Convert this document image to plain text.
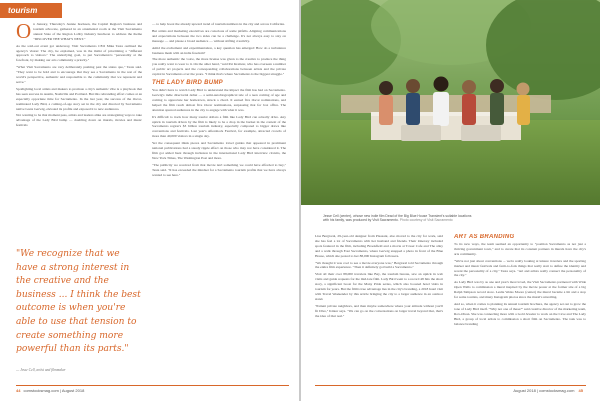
tourism

On January, Thursday's Jeanne Isacksen, the Capital Region's business and tourism advocate, gathered in an ornamental room at the Visit Sacramento annual State of the Region Lobby Industry luncheon to address the theme "DISCOVER THE WHAT'S NEXT."

As the sold-out event got underway, Visit Sacramento CEO Mike Testa outlined the agency's vision: The city, he explained, was in the midst of prioritizing a "different approach to visitors." The underlying goal, to put Sacramento's "personality at the forefront, by making our arts community a priority."

"What Visit Sacramento are very deliberately pushing past the status quo," Testa said. "They want to be bold and to encourage that they see a Sacramento in the rest of the world's perspective, authentic and responsible to the community that we represent and serve."

Spotlighting local artists and makers to promote a city's authentic vibe is a playbook that has seen success in Austin, Nashville and Portland. But this rebranding effort comes at an especially opportune time for Sacramento. In the last year, the success of the Oscar-nominated Lady Bird, a coming-of-age story set in the city and directed by Sacramento native Greta Gerwig, elevated its profile and exposed it to new audiences.

Not wanting to be that moment pass, artists and leaders alike are strategizing ways to take advantage of the Lady Bird bump — doubling down on murals, movies and music festivals

— to help boost the already upward trend of tourism numbers in the city and across California.

But artists and marketing executives are conscious of some pitfalls. Aligning communications and expectations between the two sides can be a challenge. It's not always easy to stay on message — and please a broad audience — without stifling creativity.

Amid the excitement and experimentation, a key question has emerged: How do a turbulence business mesh with an indie freedom?

The more authentic the voice, the more license was given to the creative to produce the thing you really want to wear to it. On the other hand, "said Pat Kreitzer, who has overseen a number of public art projects and the corresponding collaborations between artists and the private capitol in Sacramento over the years. "I think that's where Sacramento is the biggest struggle."

THE LADY BIRD BUMP

You didn't have to watch Lady Bird to understand the impact the film has had on Sacramento. Gerwig's indie directorial debut — a semi-autobiographical tale of a teen coming of age and coming to appreciate her hometown, struck a chord. It earned five Oscar nominations, and helped the film reach almost five Oscar nominations, surpassing that for box office. The attention spurred audiences in the city to engage with what it was.

It's difficult to track how many tourist dollars a film like Lady Bird can actually drive. Any uptick in tourism driven by the film is likely to be a drop in the bucket in the context of the Sacramento region's $3 billion tourism industry, especially compared to bigger draws like conventions and festivals. Last year's Aftershock Festival, for example, attracted crowds of more than 40,000 visitors in a single day.

Yet the consequent think pieces and Sacramento travel guides that appeared in prominent national publications had a steady ripple effect on those who may not have considered it. The film got added buzz through inclusion in the international Lady Bird interview circuits, the New York Times, The Washington Post and more.

"The publicity we received from that movie isn't something we could have afforded to buy," Testa said. "It has exceeded the mindset for a Sacramento tourism profile that we have always wanted to see here."

"We recognize that we have a strong interest in the creative and the business ... I think the best outcome is when you're able to use that tension to create something more powerful than its parts."
— Jesse Cell, artist and filmmaker
44 comstocksmag.com | August 2018
Jesse Cell (center), whose new indie film Dead of the Big Blue House Transient's suitable locations with his family, was produced by Visit Sacramento. Photo courtesy of Visit Sacramento

Lisa Bergtoral, 29-year-old designer from Pleasant, also moved to the city for work, said she has feel a lot of Sacramento with her husband and friends. Their itinerary included spots featured in the film, including Brookfield and a movie at Tower Cafe and The alley and a walk through East Sacramento, where Gerwig snapped a photo in front of the Blue House, which she posted to her 88,000 Instagram followers.

"We thought it was cool to see a movie everyone was," Bergtoral told Sacramento through the entire film experience. "Then it definitely got build a Sacramento."

Visit all their over 88,000 travelers like Bay, the tourism bureau, saw an uptick in web visits and guide requests for the mid-late film. Lady Bird went to a record 48 hits the short story, a significant boost for the Many Pride series, which also boosted hotel visits in tourism for years. But the film's true advantage lies in the city's branding, a 2018 hotel visit with Travel Weekender by this article bringing the city to a larger audience in an outdoor stand.

"Patient private neighbors, and then maybe somewhere where your attitude without you'll fit Dive," Kinter says. "We can go on the conversations on larger travel beyond that, that's the idea of that real."

ART AS BRANDING

To its new ways, the team seemed an opportunity to "position Sacramento as not just a thriving government town," and to curate that its constant partners in murals have the city's arts community.

"We're not just about conventions ... we're really looking at leisure travelers and the sporting market and music festivals and farm-to-fork things that really start to define the identity and recent the personality of a city," Testa says. "Art and artists really connect the personality of the city."

As Lady Bird was by as one and year's most loved, the Visit Sacramento partnered with Wide Open Walls to commission a mural inspired by the movie poster at the former site of a big Ralph Simpson record store. Leslie Weiss Moore (center) the mural became a hit and a stop for some tourists, and many Instagram photos since the mural's unveiling.

And so, when it comes to planning its annual tourism brochure, the agency set out to grow the tone of Lady Bird itself. "Why not one of these?" said creative director of the marketing team, Rox-Olson. She was connecting more with a Gold Jeweler to work on the Cave and The Lady Bird, a group of local artists to commission a short film on Sacramento. The task was to balance branding

August 2018 | comstocksmag.com 45
